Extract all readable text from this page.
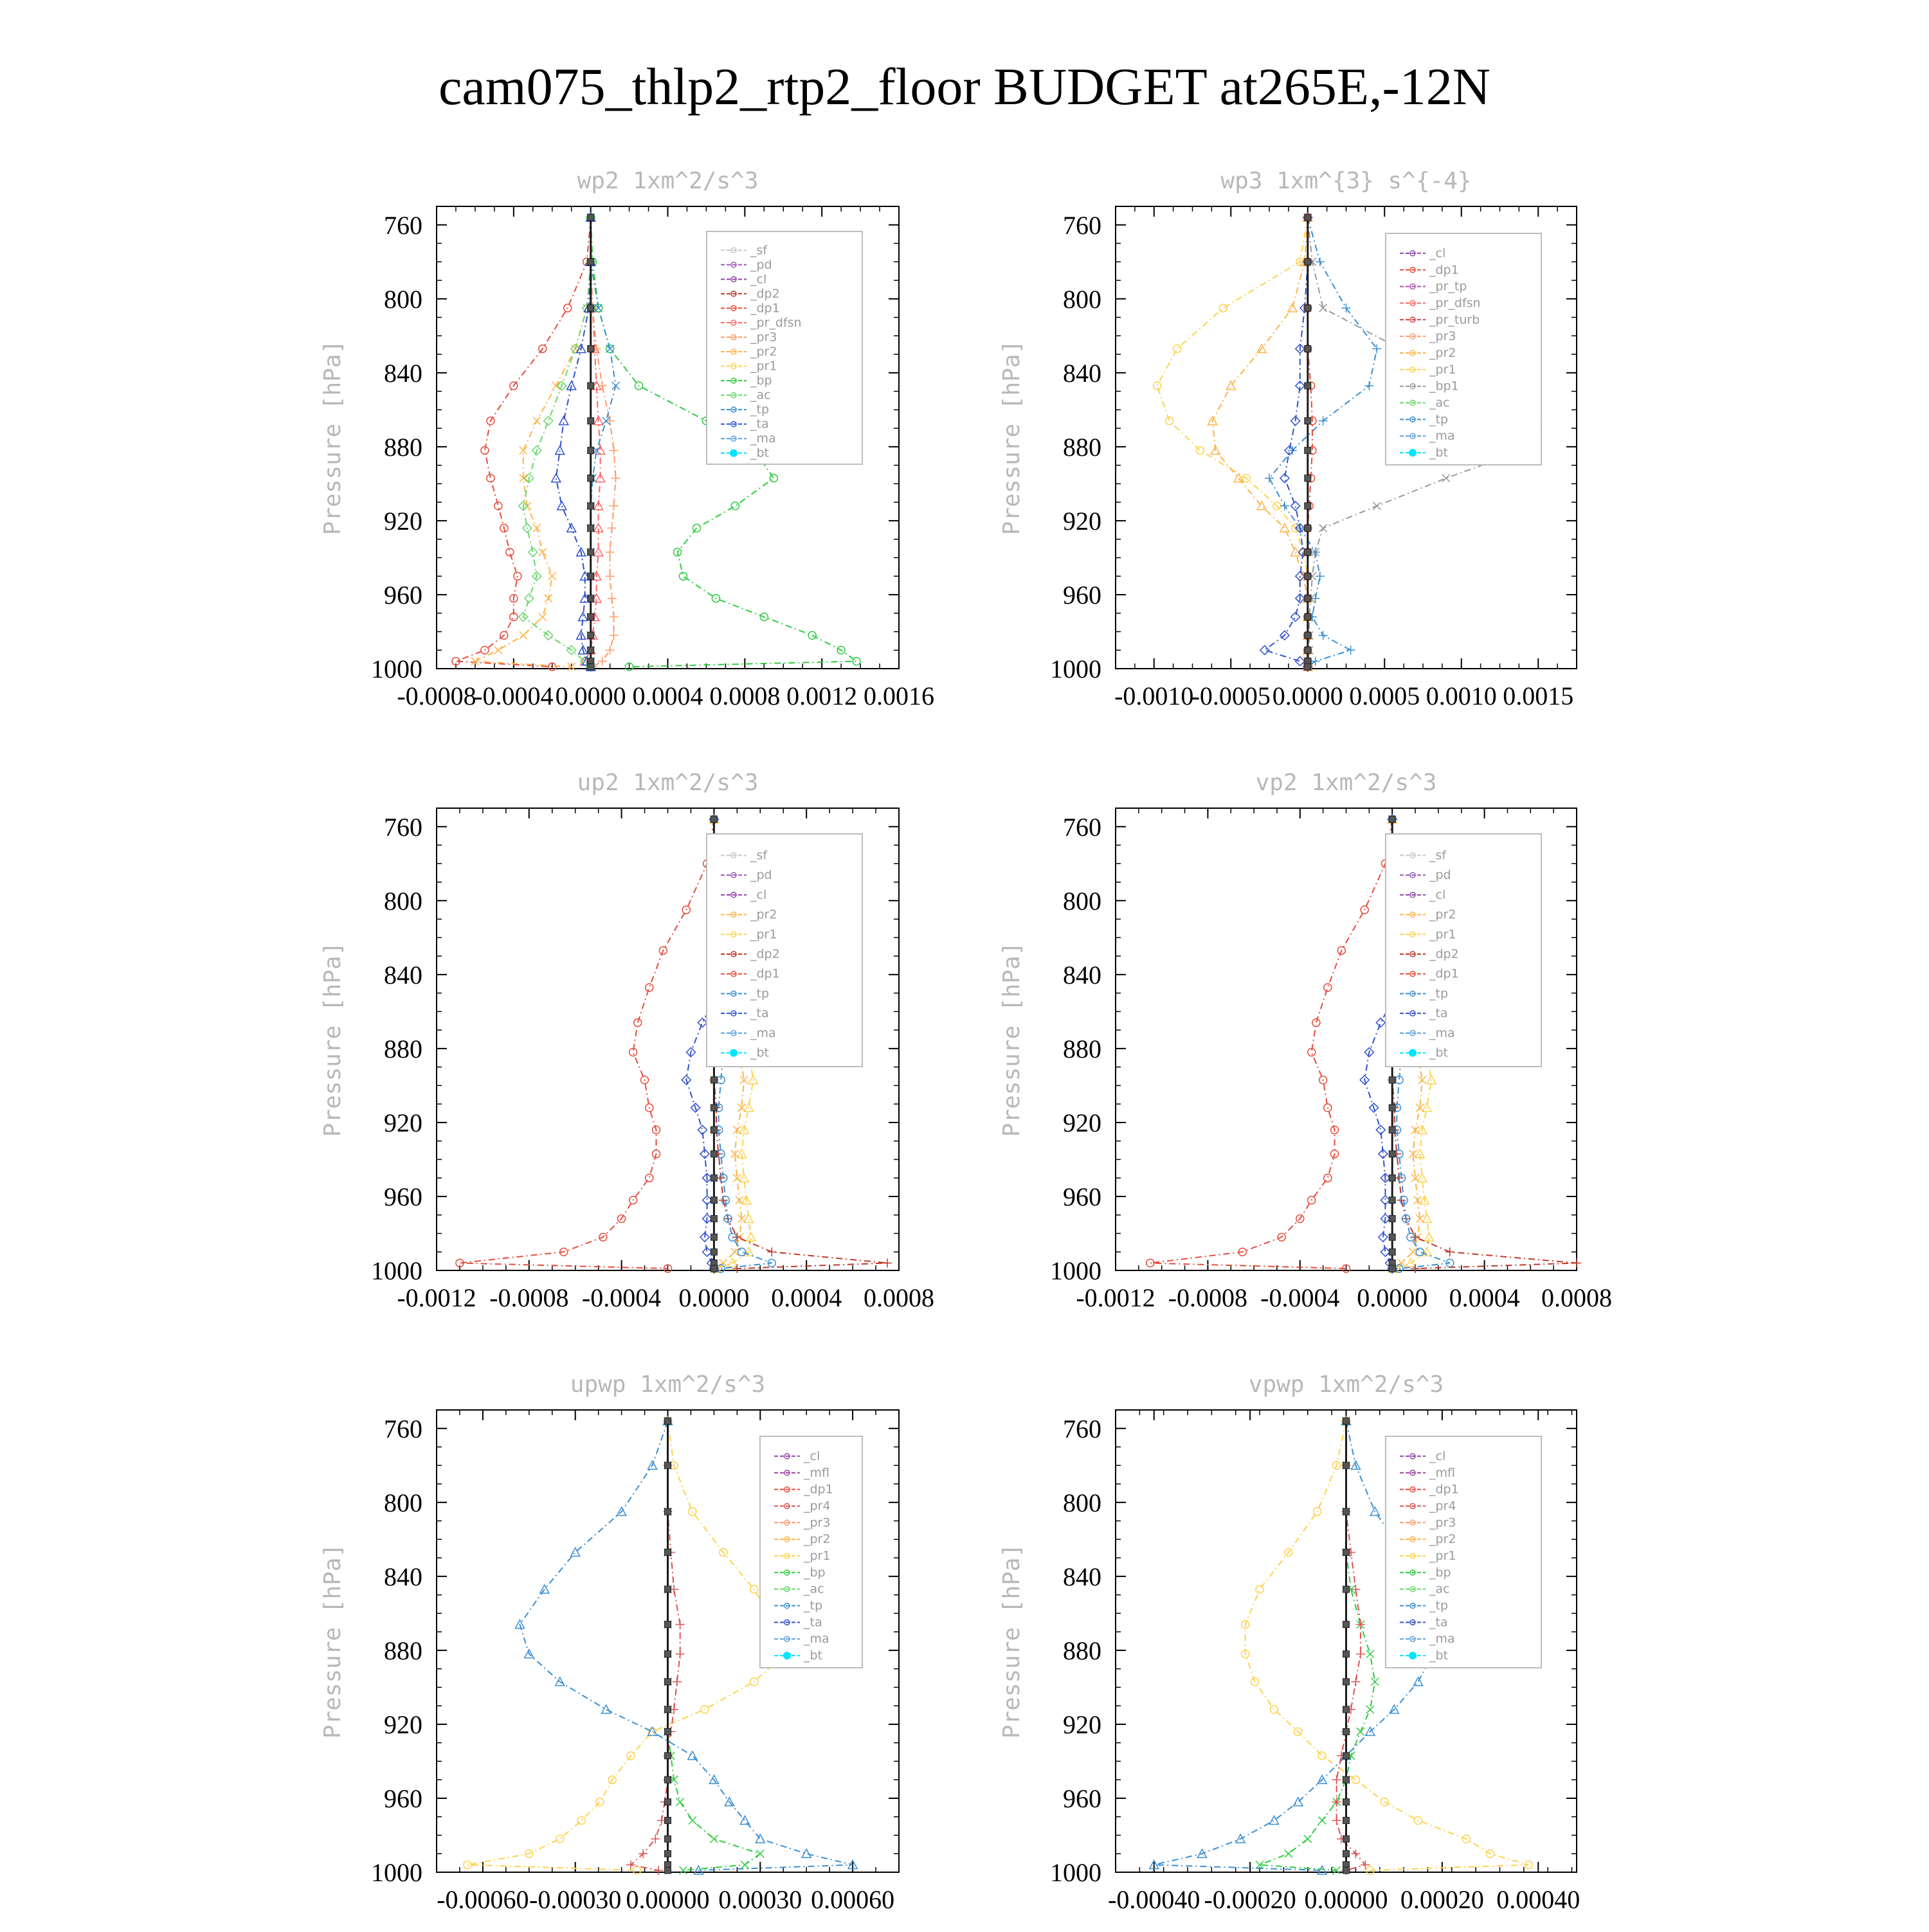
cam075_thlp2_rtp2_floor BUDGET at265E,-12N
wp2 1xm^2/s^3
Pressure [hPa]
760
800
840
880
920
960
1000
-0.0008
-0.0004 0.0000 0.0004 0.0008 0.0012 0.0016
_sf
_pd
_cl
_dp2
_dp1
_pr_dfsn
_pr3
_pr2
_pr1
_bp
_ac
_tp
_ta
_ma
_bt
wp3 1xm^{3} s^{-4}
Pressure [hPa]
760
800
840
880
920
960
1000
-0.0010
-0.0005 0.0000 0.0005 0.0010 0.0015
_cl
_dp1
_pr_tp
_pr_dfsn
_pr_turb
_pr3
_pr2
_pr1
_bp1
_ac
_tp
_ma
_bt
up2 1xm^2/s^3
Pressure [hPa]
760
800
840
880
920
960
1000
-0.0012 -0.0008 -0.0004 0.0000 0.0004 0.0008
_sf
_pd
_cl
_pr2
_pr1
_dp2
_dp1
_tp
_ta
_ma
_bt
vp2 1xm^2/s^3
Pressure [hPa]
760
800
840
880
920
960
1000
-0.0012 -0.0008 -0.0004 0.0000 0.0004 0.0008
_sf
_pd
_cl
_pr2
_pr1
_dp2
_dp1
_tp
_ta
_ma
_bt
upwp 1xm^2/s^3
Pressure [hPa]
760
800
840
880
920
960
1000
-0.00060 -0.00030 0.00000 0.00030 0.00060
_cl
_mfl
_dp1
_pr4
_pr3
_pr2
_pr1
_bp
_ac
_tp
_ta
_ma
_bt
vpwp 1xm^2/s^3
Pressure [hPa]
760
800
840
880
920
960
1000
-0.00040 -0.00020 0.00000 0.00020 0.00040
_cl
_mfl
_dp1
_pr4
_pr3
_pr2
_pr1
_bp
_ac
_tp
_ta
_ma
_bt
